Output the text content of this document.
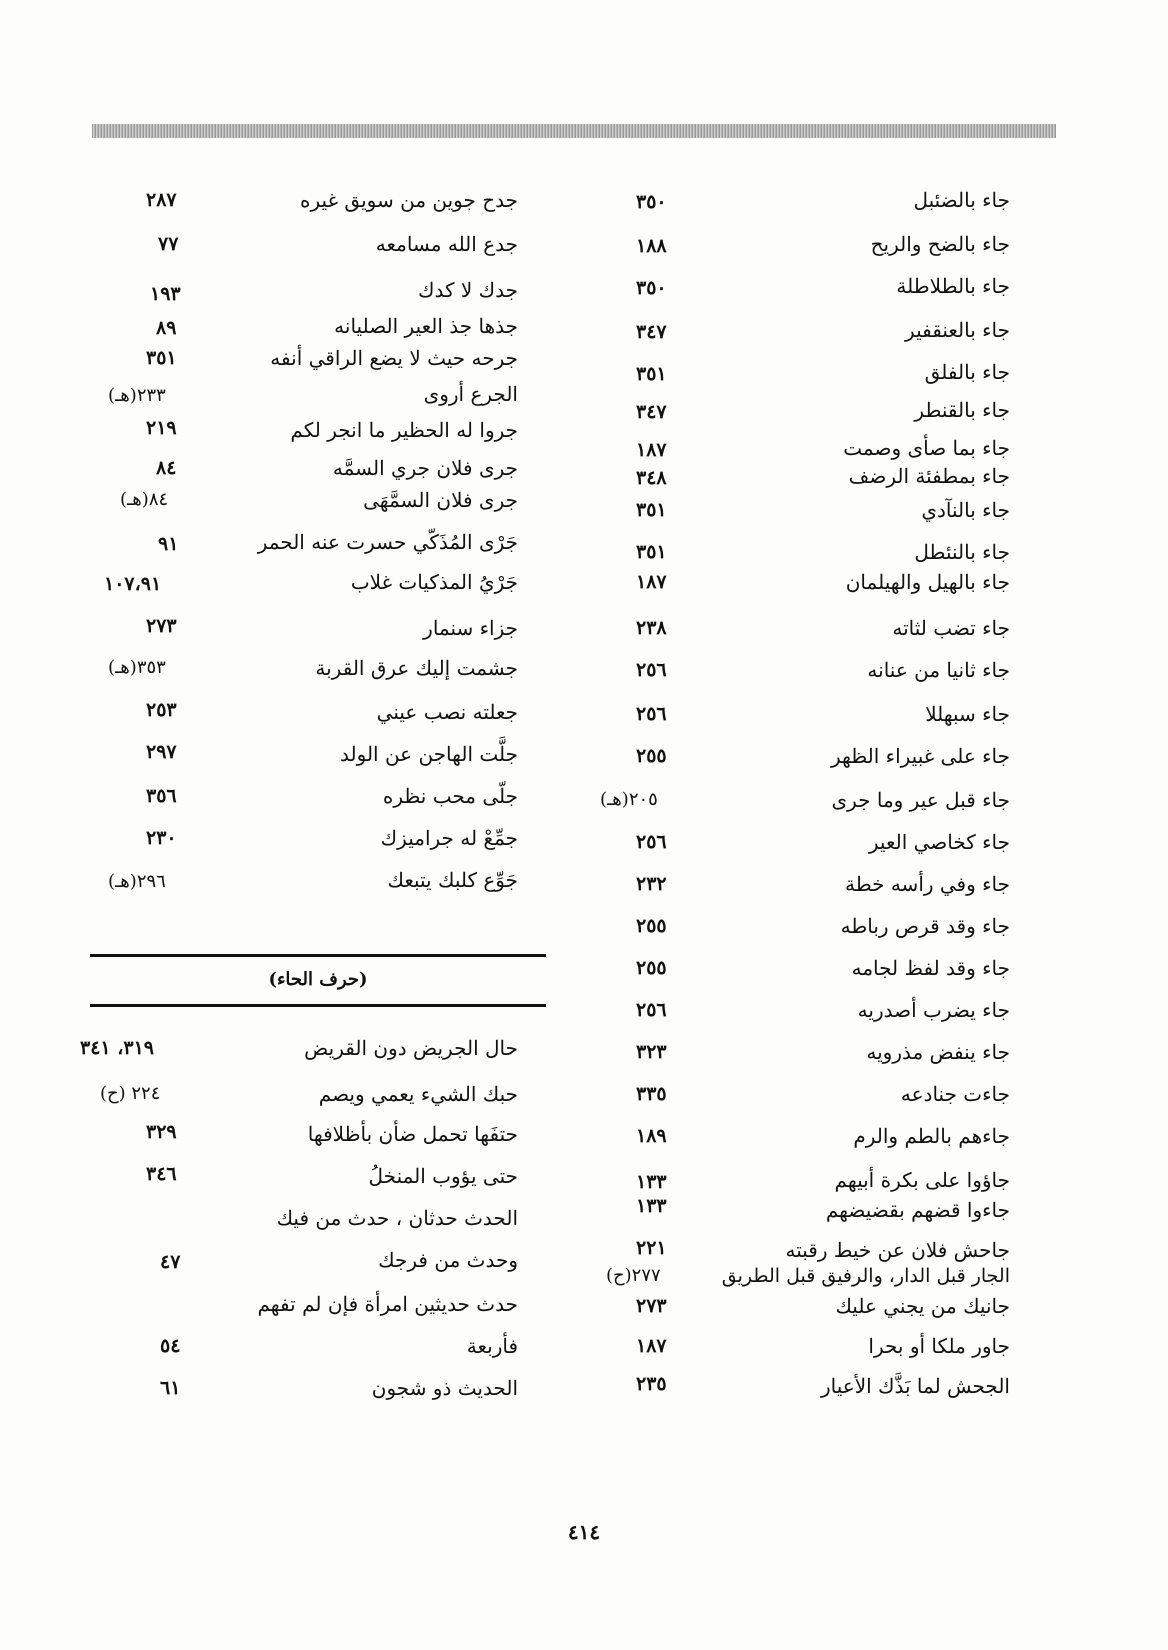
جاء بالضئبل
٣٥٠
جاء بالضح والريح
١٨٨
جاء بالطلاطلة
٣٥٠
جاء بالعنقفير
٣٤٧
جاء بالفلق
٣٥١
جاء بالقنطر
٣٤٧
جاء بما صأى وصمت
١٨٧
جاء بمطفئة الرضف
٣٤٨
جاء بالنآدي
٣٥١
جاء بالنئطل
٣٥١
جاء بالهيل والهيلمان
١٨٧
جاء تضب لثاته
٢٣٨
جاء ثانيا من عنانه
٢٥٦
جاء سبهللا
٢٥٦
جاء على غبيراء الظهر
٢٥٥
جاء قبل عير وما جرى
٢٠٥(هـ)
جاء كخاصي العير
٢٥٦
جاء وفي رأسه خطة
٢٣٢
جاء وقد قرص رباطه
٢٥٥
جاء وقد لفظ لجامه
٢٥٥
جاء يضرب أصدريه
٢٥٦
جاء ينفض مذرويه
٣٢٣
جاءت جنادعه
٣٣٥
جاءهم بالطم والرم
١٨٩
جاؤوا على بكرة أبيهم
١٣٣
جاءوا قضهم بقضيضهم
١٣٣
جاحش فلان عن خيط رقبته
٢٢١
الجار قبل الدار، والرفيق قبل الطريق
٢٧٧(ح)
جانيك من يجني عليك
٢٧٣
جاور ملكا أو بحرا
١٨٧
الجحش لما بَذَّك الأعيار
٢٣٥
جدح جوين من سويق غيره
٢٨٧
جدع الله مسامعه
٧٧
جدك لا كدك
١٩٣
جذها جذ العير الصليانه
٨٩
جرحه حيث لا يضع الراقي أنفه
٣٥١
الجرع أروى
٢٣٣(هـ)
جروا له الحظير ما انجر لكم
٢١٩
جرى فلان جري السمَّه
٨٤
جرى فلان السمَّهَى
٨٤(هـ)
جَرْى المُذَكّي حسرت عنه الحمر
٩١
جَرْيُ المذكيات غلاب
١٠٧،٩١
جزاء سنمار
٢٧٣
جشمت إليك عرق القربة
٣٥٣(هـ)
جعلته نصب عيني
٢٥٣
جلَّت الهاجن عن الولد
٢٩٧
جلّى محب نظره
٣٥٦
جمِّعْ له جراميزك
٢٣٠
جَوِّع كلبك يتبعك
٢٩٦(هـ)
(حرف الحاء)
حال الجريض دون القريض
٣١٩، ٣٤١
حبك الشيء يعمي ويصم
٢٢٤ (ح)
حتفَها تحمل ضأن بأظلافها
٣٢٩
حتى يؤوب المنخلُ
٣٤٦
الحدث حدثان ، حدث من فيك
وحدث من فرجك
٤٧
حدث حديثين امرأة فإن لم تفهم
فأربعة
٥٤
الحديث ذو شجون
٦١
٤١٤
